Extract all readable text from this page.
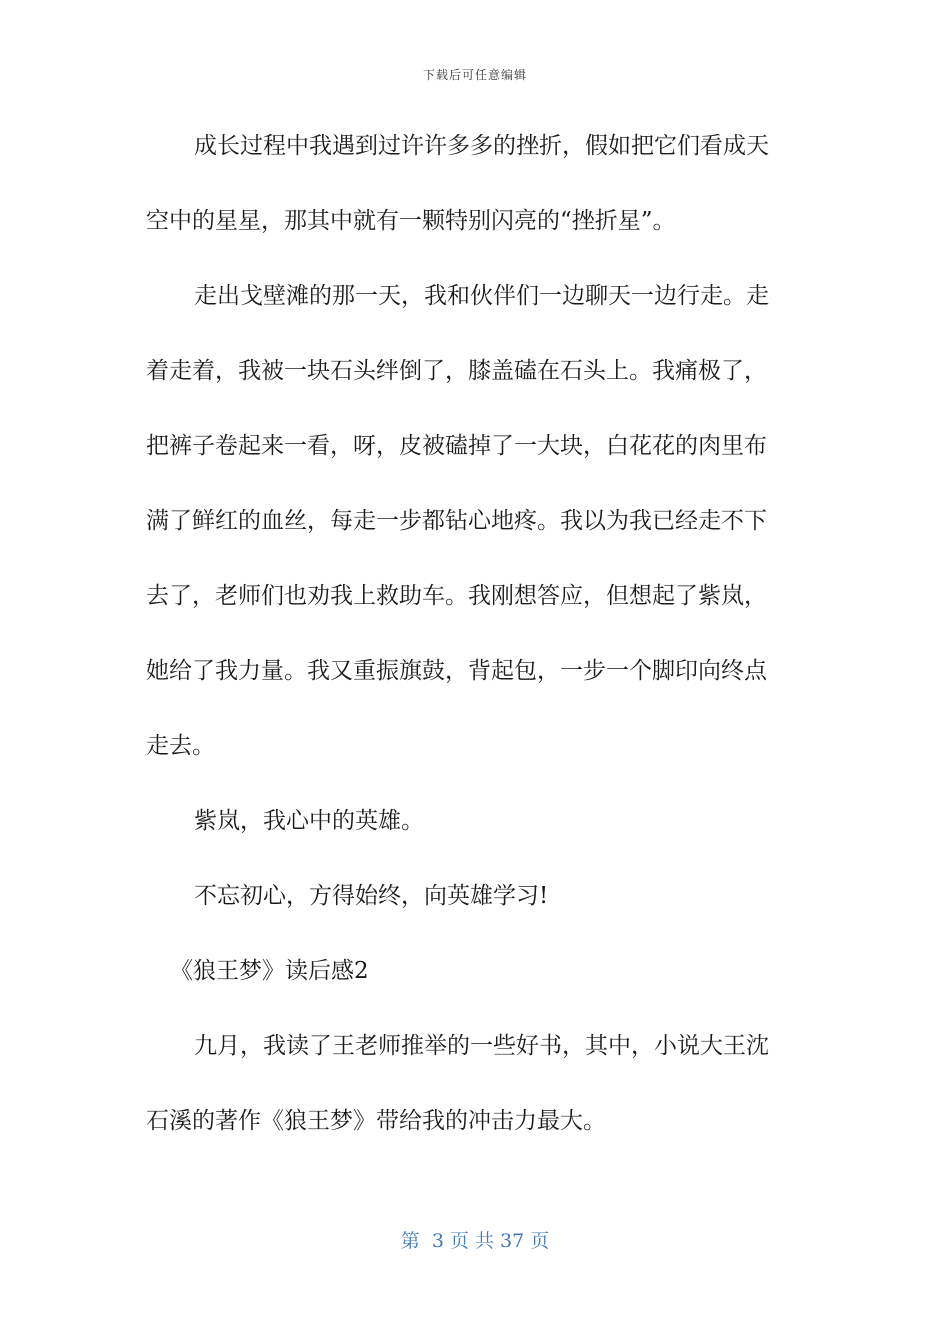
下载后可任意编辑
成长过程中我遇到过许许多多的挫折，假如把它们看成天
空中的星星，那其中就有一颗特别闪亮的“挫折星”。
走出戈壁滩的那一天，我和伙伴们一边聊天一边行走。走
着走着，我被一块石头绊倒了，膝盖磕在石头上。我痛极了，
把裤子卷起来一看，呀，皮被磕掉了一大块，白花花的肉里布
满了鲜红的血丝，每走一步都钻心地疼。我以为我已经走不下
去了，老师们也劝我上救助车。我刚想答应，但想起了紫岚，
她给了我力量。我又重振旗鼓，背起包，一步一个脚印向终点
走去。
紫岚，我心中的英雄。
不忘初心，方得始终，向英雄学习!
《狼王梦》读后感2
九月，我读了王老师推举的一些好书，其中，小说大王沈
石溪的著作《狼王梦》带给我的冲击力最大。
第  3 页 共 37 页
